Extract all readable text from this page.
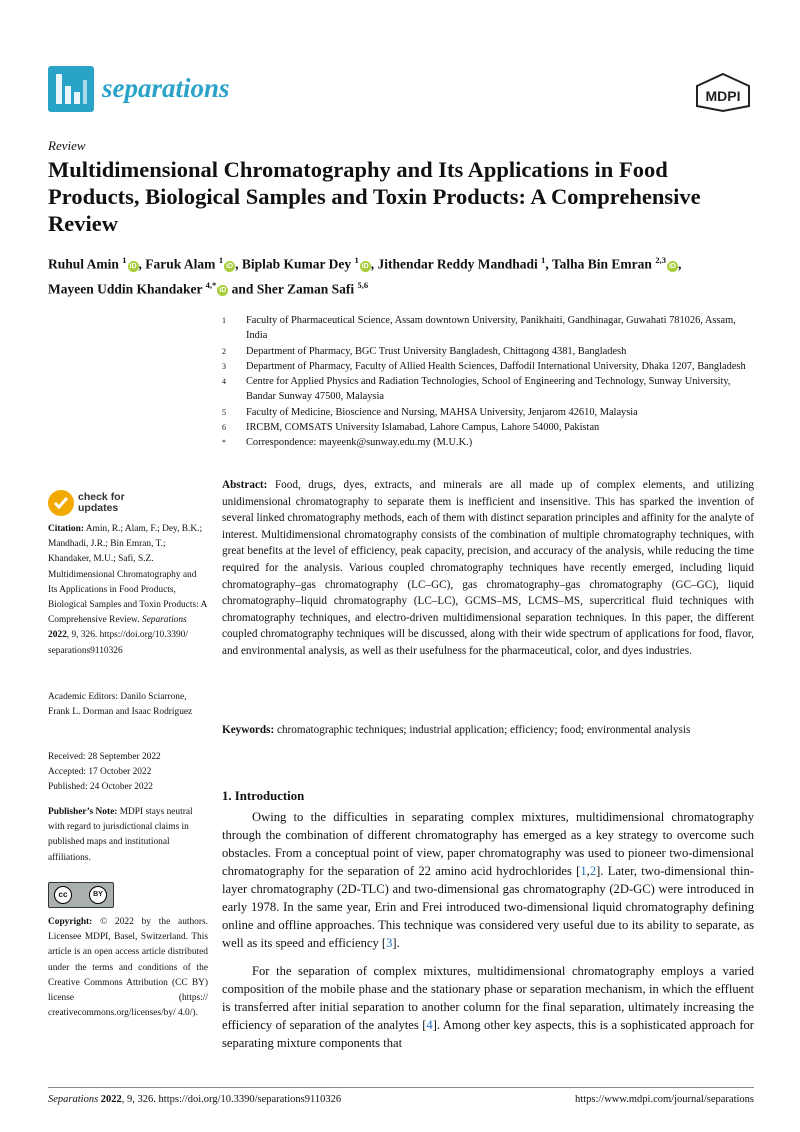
separations	MDPI
Review
Multidimensional Chromatography and Its Applications in Food Products, Biological Samples and Toxin Products: A Comprehensive Review
Ruhul Amin $^1$iD , Faruk Alam $^1$iD , Biplab Kumar Dey $^1$iD , Jithendar Reddy Mandhadi $^1$, Talha Bin Emran $^{2,3}$iD ,
Mayeen Uddin Khandaker $^{4,*}$iD and Sher Zaman Safi $^{5,6}$
1	Faculty of Pharmaceutical Science, Assam downtown University, Panikhaiti, Gandhinagar, Guwahati 781026, Assam, India
2	Department of Pharmacy, BGC Trust University Bangladesh, Chittagong 4381, Bangladesh
3	Department of Pharmacy, Faculty of Allied Health Sciences, Daffodil International University, Dhaka 1207, Bangladesh
4	Centre for Applied Physics and Radiation Technologies, School of Engineering and Technology, Sunway University, Bandar Sunway 47500, Malaysia
5	Faculty of Medicine, Bioscience and Nursing, MAHSA University, Jenjarom 42610, Malaysia
6	IRCBM, COMSATS University Islamabad, Lahore Campus, Lahore 54000, Pakistan
*	Correspondence: mayeenk@sunway.edu.my (M.U.K.)
check for
updates
Citation: Amin, R.; Alam, F.; Dey, B.K.; Mandhadi, J.R.; Bin Emran, T.; Khandaker, M.U.; Safi, S.Z. Multidimensional Chromatography and Its Applications in Food Products, Biological Samples and Toxin Products: A Comprehensive Review. Separations 2022, 9, 326. https://doi.org/10.3390/ separations9110326
Academic Editors: Danilo Sciarrone, Frank L. Dorman and Isaac Rodriguez
Received: 28 September 2022
Accepted: 17 October 2022
Published: 24 October 2022
Publisher’s Note: MDPI stays neutral with regard to jurisdictional claims in published maps and institutional affiliations.
cc	BY
Copyright: © 2022 by the authors. Licensee MDPI, Basel, Switzerland. This article is an open access article distributed under the terms and conditions of the Creative Commons Attribution (CC BY) license (https:// creativecommons.org/licenses/by/ 4.0/).
Abstract: Food, drugs, dyes, extracts, and minerals are all made up of complex elements, and utilizing unidimensional chromatography to separate them is inefficient and insensitive. This has sparked the invention of several linked chromatography methods, each of them with distinct separation principles and affinity for the analyte of interest. Multidimensional chromatography consists of the combination of multiple chromatography techniques, with great benefits at the level of efficiency, peak capacity, precision, and accuracy of the analysis, while reducing the time required for the analysis. Various coupled chromatography techniques have recently emerged, including liquid chromatography–gas chromatography (LC–GC), gas chromatography–gas chromatography (GC–GC), liquid chromatography–liquid chromatography (LC–LC), GCMS–MS, LCMS–MS, supercritical fluid techniques with chromatography techniques, and electro-driven multidimensional separation techniques. In this paper, the different coupled chromatography techniques will be discussed, along with their wide spectrum of applications for food, flavor, and environmental analysis, as well as their usefulness for the pharmaceutical, color, and dyes industries.
Keywords: chromatographic techniques; industrial application; efficiency; food; environmental analysis
1. Introduction
Owing to the difficulties in separating complex mixtures, multidimensional chromatography through the combination of different chromatography has emerged as a key strategy to overcome such obstacles. From a conceptual point of view, paper chromatography was used to pioneer two-dimensional chromatography for the separation of 22 amino acid hydrochlorides [1,2]. Later, two-dimensional thin-layer chromatography (2D-TLC) and two-dimensional gas chromatography (2D-GC) were introduced in early 1978. In the same year, Erin and Frei introduced two-dimensional liquid chromatography defining online and offline approaches. This technique was considered very useful due to its ability to separate, as well as its speed and efficiency [3].
For the separation of complex mixtures, multidimensional chromatography employs a varied composition of the mobile phase and the stationary phase or separation mechanism, in which the effluent is transferred after initial separation to another column for the final separation, ultimately increasing the efficiency of separation of the analytes [4]. Among other key aspects, this is a sophisticated approach for separating mixture components that
Separations 2022, 9, 326. https://doi.org/10.3390/separations9110326	https://www.mdpi.com/journal/separations
